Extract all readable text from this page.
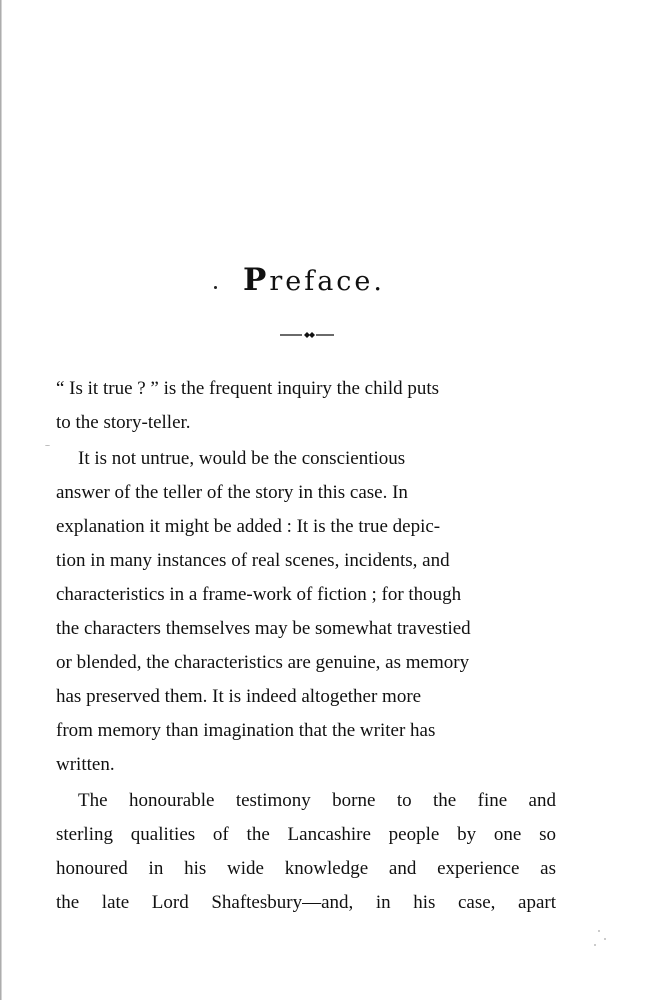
Preface.

“ Is it true ? ” is the frequent inquiry the child puts
to the story-teller.

It is not untrue, would be the conscientious
answer of the teller of the story in this case. In
explanation it might be added : It is the true depic-
tion in many instances of real scenes, incidents, and
characteristics in a frame-work of fiction ; for though
the characters themselves may be somewhat travestied
or blended, the characteristics are genuine, as memory
has preserved them. It is indeed altogether more
from memory than imagination that the writer has
written.

The honourable testimony borne to the fine and
sterling qualities of the Lancashire people by one so
honoured in his wide knowledge and experience as
the late Lord Shaftesbury—and, in his case, apart
